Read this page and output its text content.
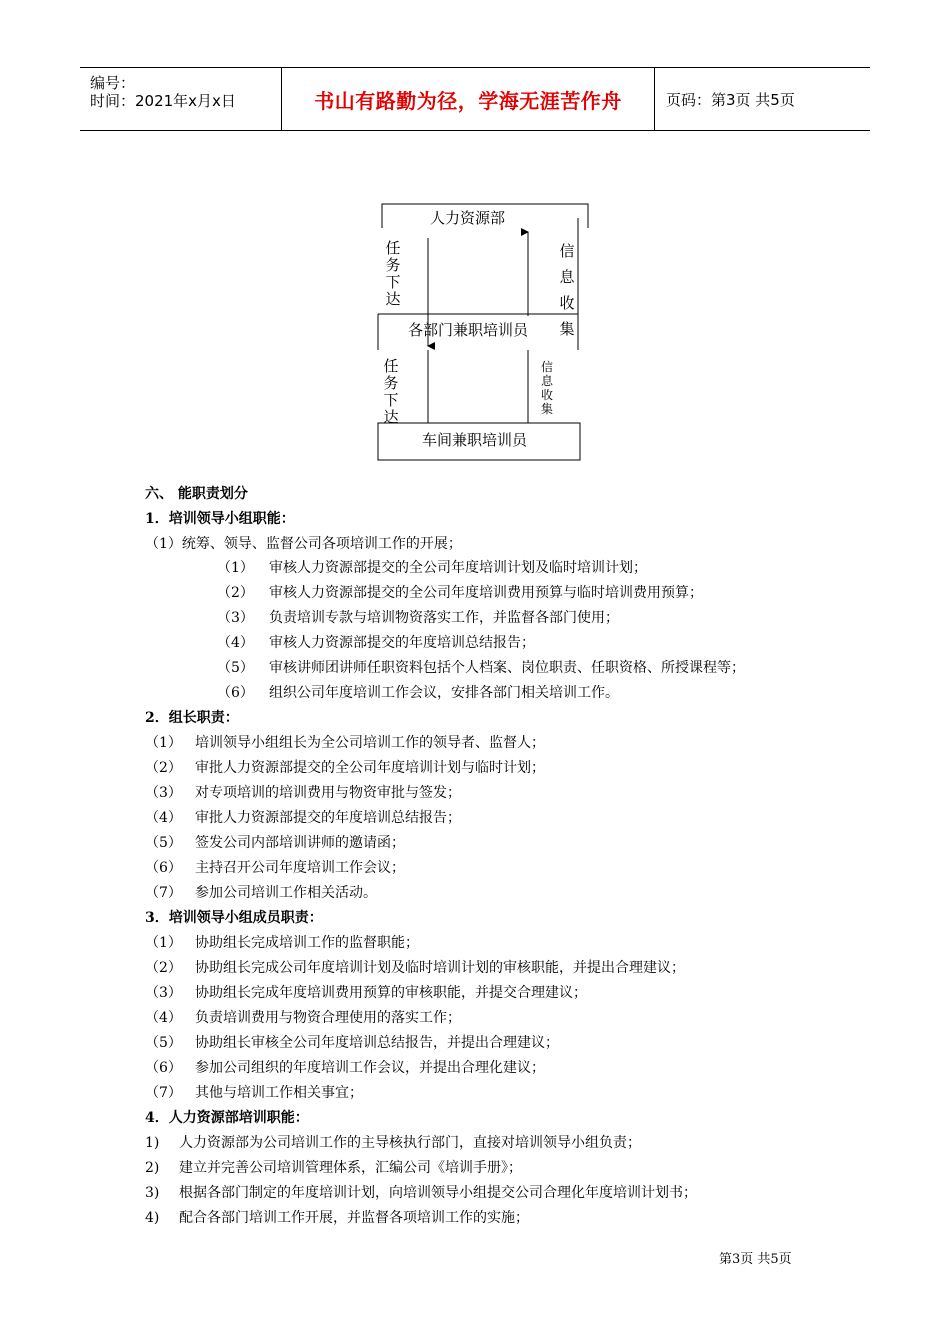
编号：
时间：2021年x月x日	书山有路勤为径，学海无涯苦作舟	页码：第3页 共5页
人力资源部
各部门兼职培训员
车间兼职培训员
任
务
下
达
信
息
收
集
任
务
下
达
信
息
收
集
六、 能职责划分
1．培训领导小组职能：
（1）统筹、领导、监督公司各项培训工作的开展；
（1） 审核人力资源部提交的全公司年度培训计划及临时培训计划；
（2） 审核人力资源部提交的全公司年度培训费用预算与临时培训费用预算；
（3） 负责培训专款与培训物资落实工作，并监督各部门使用；
（4） 审核人力资源部提交的年度培训总结报告；
（5） 审核讲师团讲师任职资料包括个人档案、岗位职责、任职资格、所授课程等；
（6） 组织公司年度培训工作会议，安排各部门相关培训工作。
2．组长职责：
（1） 培训领导小组组长为全公司培训工作的领导者、监督人；
（2） 审批人力资源部提交的全公司年度培训计划与临时计划；
（3） 对专项培训的培训费用与物资审批与签发；
（4） 审批人力资源部提交的年度培训总结报告；
（5） 签发公司内部培训讲师的邀请函；
（6） 主持召开公司年度培训工作会议；
（7） 参加公司培训工作相关活动。
3．培训领导小组成员职责：
（1） 协助组长完成培训工作的监督职能；
（2） 协助组长完成公司年度培训计划及临时培训计划的审核职能，并提出合理建议；
（3） 协助组长完成年度培训费用预算的审核职能，并提交合理建议；
（4） 负责培训费用与物资合理使用的落实工作；
（5） 协助组长审核全公司年度培训总结报告，并提出合理建议；
（6） 参加公司组织的年度培训工作会议，并提出合理化建议；
（7） 其他与培训工作相关事宜；
4．人力资源部培训职能：
1) 人力资源部为公司培训工作的主导核执行部门，直接对培训领导小组负责；
2) 建立并完善公司培训管理体系，汇编公司《培训手册》；
3) 根据各部门制定的年度培训计划，向培训领导小组提交公司合理化年度培训计划书；
4) 配合各部门培训工作开展，并监督各项培训工作的实施；
第3页 共5页
